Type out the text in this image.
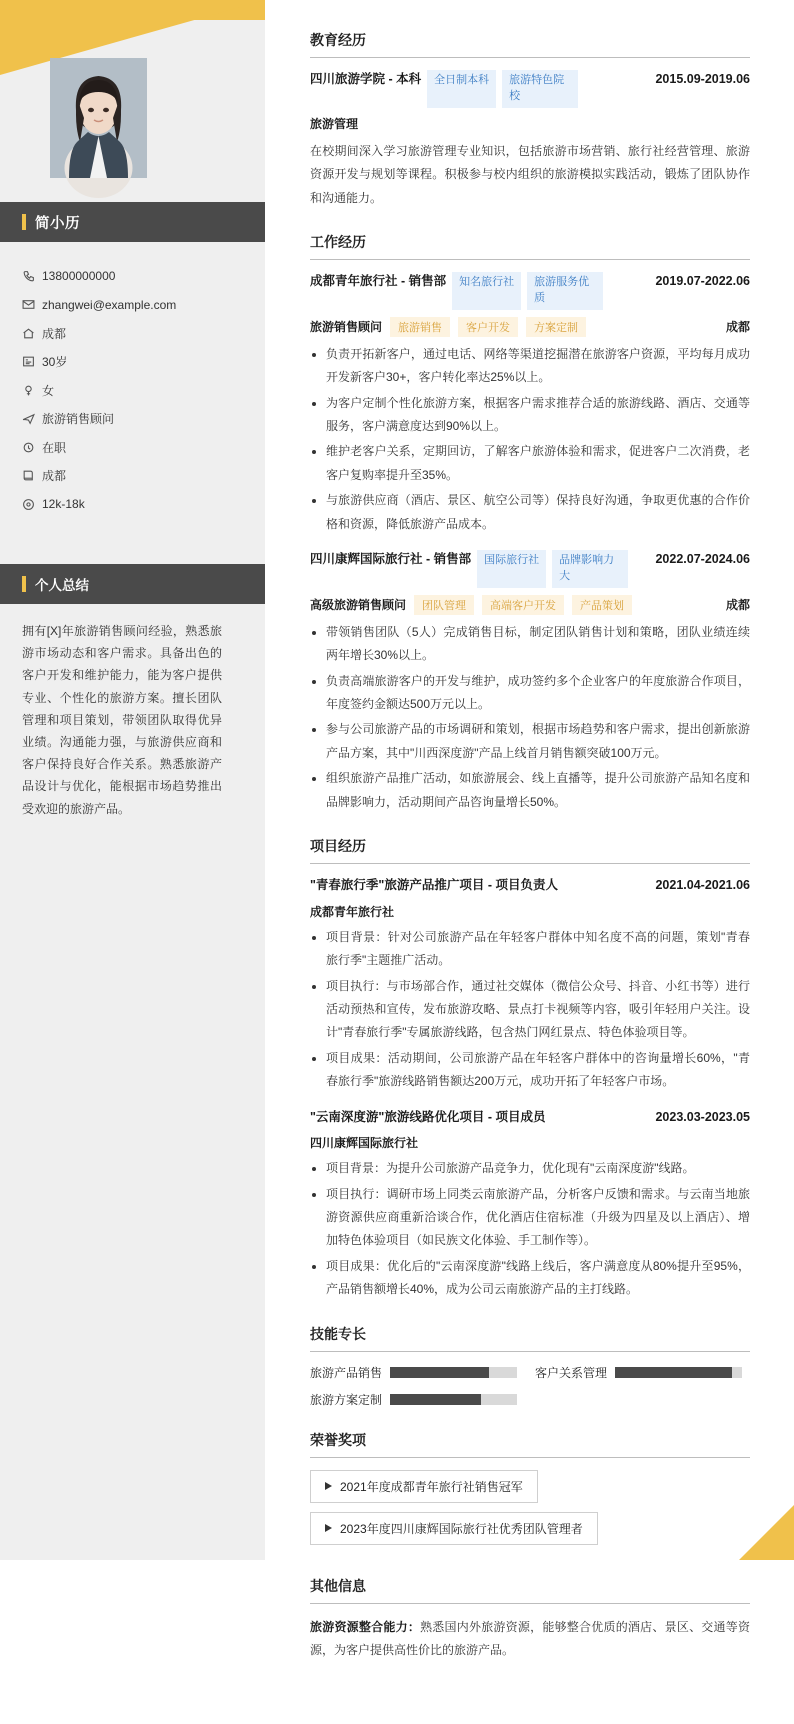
简小历
13800000000
zhangwei@example.com
成都
30岁
女
旅游销售顾问
在职
成都
12k-18k
个人总结
拥有[X]年旅游销售顾问经验，熟悉旅游市场动态和客户需求。具备出色的客户开发和维护能力，能为客户提供专业、个性化的旅游方案。擅长团队管理和项目策划，带领团队取得优异业绩。沟通能力强，与旅游供应商和客户保持良好合作关系。熟悉旅游产品设计与优化，能根据市场趋势推出受欢迎的旅游产品。
教育经历
四川旅游学院 - 本科	全日制本科	旅游特色院校
2015.09-2019.06
旅游管理
在校期间深入学习旅游管理专业知识，包括旅游市场营销、旅行社经营管理、旅游资源开发与规划等课程。积极参与校内组织的旅游模拟实践活动，锻炼了团队协作和沟通能力。
工作经历
成都青年旅行社 - 销售部	知名旅行社	旅游服务优质
2019.07-2022.06
旅游销售顾问	旅游销售	客户开发	方案定制	成都
• 负责开拓新客户，通过电话、网络等渠道挖掘潜在旅游客户资源，平均每月成功开发新客户30+，客户转化率达25%以上。
• 为客户定制个性化旅游方案，根据客户需求推荐合适的旅游线路、酒店、交通等服务，客户满意度达到90%以上。
• 维护老客户关系，定期回访，了解客户旅游体验和需求，促进客户二次消费，老客户复购率提升至35%。
• 与旅游供应商（酒店、景区、航空公司等）保持良好沟通，争取更优惠的合作价格和资源，降低旅游产品成本。
四川康辉国际旅行社 - 销售部	国际旅行社	品牌影响力大
2022.07-2024.06
高级旅游销售顾问	团队管理	高端客户开发	产品策划	成都
• 带领销售团队（5人）完成销售目标，制定团队销售计划和策略，团队业绩连续两年增长30%以上。
• 负责高端旅游客户的开发与维护，成功签约多个企业客户的年度旅游合作项目，年度签约金额达500万元以上。
• 参与公司旅游产品的市场调研和策划，根据市场趋势和客户需求，提出创新旅游产品方案，其中"川西深度游"产品上线首月销售额突破100万元。
• 组织旅游产品推广活动，如旅游展会、线上直播等，提升公司旅游产品知名度和品牌影响力，活动期间产品咨询量增长50%。
项目经历
"青春旅行季"旅游产品推广项目 - 项目负责人	2021.04-2021.06
成都青年旅行社
• 项目背景：针对公司旅游产品在年轻客户群体中知名度不高的问题，策划"青春旅行季"主题推广活动。
• 项目执行：与市场部合作，通过社交媒体（微信公众号、抖音、小红书等）进行活动预热和宣传，发布旅游攻略、景点打卡视频等内容，吸引年轻用户关注。设计"青春旅行季"专属旅游线路，包含热门网红景点、特色体验项目等。
• 项目成果：活动期间，公司旅游产品在年轻客户群体中的咨询量增长60%，"青春旅行季"旅游线路销售额达200万元，成功开拓了年轻客户市场。
"云南深度游"旅游线路优化项目 - 项目成员	2023.03-2023.05
四川康辉国际旅行社
• 项目背景：为提升公司旅游产品竞争力，优化现有"云南深度游"线路。
• 项目执行：调研市场上同类云南旅游产品，分析客户反馈和需求。与云南当地旅游资源供应商重新洽谈合作，优化酒店住宿标准（升级为四星及以上酒店）、增加特色体验项目（如民族文化体验、手工制作等）。
• 项目成果：优化后的"云南深度游"线路上线后，客户满意度从80%提升至95%，产品销售额增长40%，成为公司云南旅游产品的主打线路。
技能专长
旅游产品销售	客户关系管理
旅游方案定制
荣誉奖项
2021年度成都青年旅行社销售冠军
2023年度四川康辉国际旅行社优秀团队管理者
其他信息
旅游资源整合能力：熟悉国内外旅游资源，能够整合优质的酒店、景区、交通等资源，为客户提供高性价比的旅游产品。
